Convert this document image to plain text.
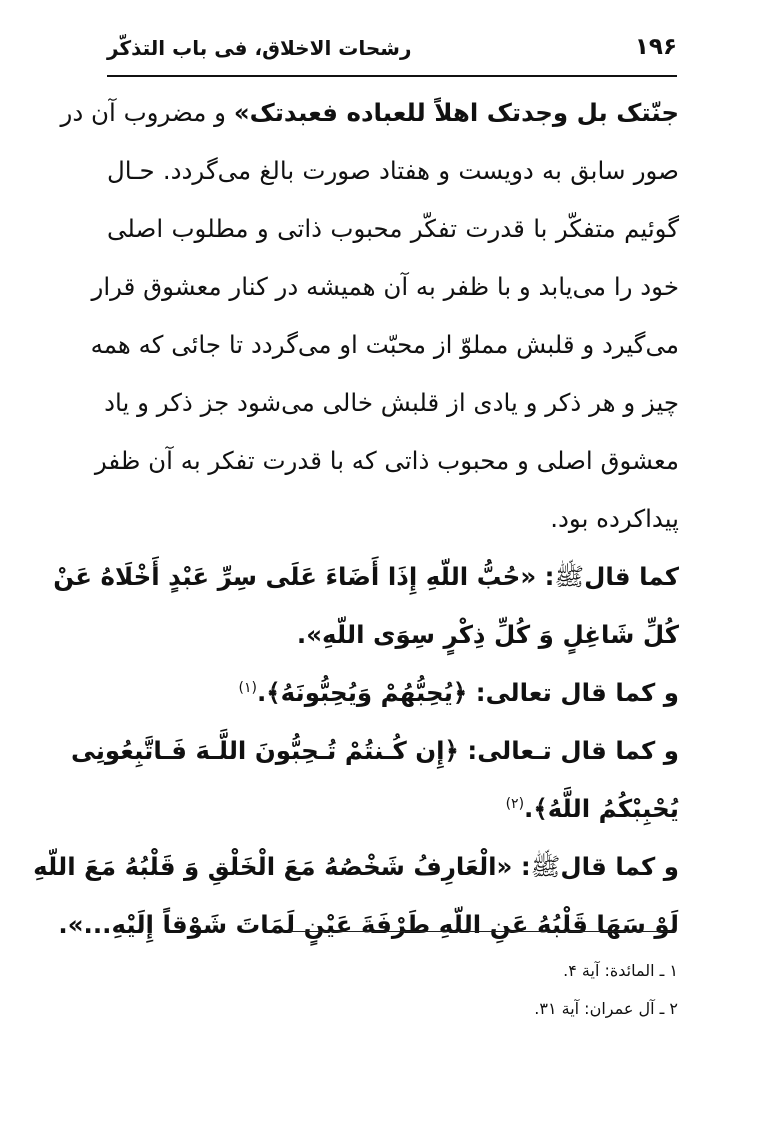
۱۹۶
رشحات الاخلاق، فی باب التذکّر
جنّتک بل وجدتک اهلاً للعباده فعبدتک» و مضروب آن در
صور سابق به دویست و هفتاد صورت بالغ می‌گردد. حـال
گوئیم متفکّر با قدرت تفکّر محبوب ذاتی و مطلوب اصلی
خود را می‌یابد و با ظفر به آن همیشه در کنار معشوق قرار
می‌گیرد و قلبش مملوّ از محبّت او می‌گردد تا جائی که همه
چیز و هر ذکر و یادی از قلبش خالی می‌شود جز ذکر و یاد
معشوق اصلی و محبوب ذاتی که با قدرت تفکر به آن ظفر
پیداکرده بود.
کما قالﷺ: «حُبُّ اللّهِ إِذَا أَضَاءَ عَلَی سِرِّ عَبْدٍ أَخْلَاهُ عَنْ
كُلِّ شَاغِلٍ وَ كُلِّ ذِكْرٍ سِوَى اللّهِ».
و کما قال تعالی: ﴿يُحِبُّهُمْ وَيُحِبُّونَهُ﴾.$^{(۱)}$
و کما قال تـعالی: ﴿إِن كُـنتُمْ تُـحِبُّونَ اللَّـهَ فَـاتَّبِعُونِى
يُحْبِبْكُمُ اللَّهُ﴾.$^{(۲)}$
و کما قالﷺ: «الْعَارِفُ شَخْصُهُ مَعَ الْخَلْقِ وَ قَلْبُهُ مَعَ اللّهِ
لَوْ سَهَا قَلْبُهُ عَنِ اللّهِ طَرْفَةَ عَيْنٍ لَمَاتَ شَوْقاً إِلَيْهِ...».
۱ ـ المائدة: آية ۴.
۲ ـ آل عمران: آية ۳۱.
